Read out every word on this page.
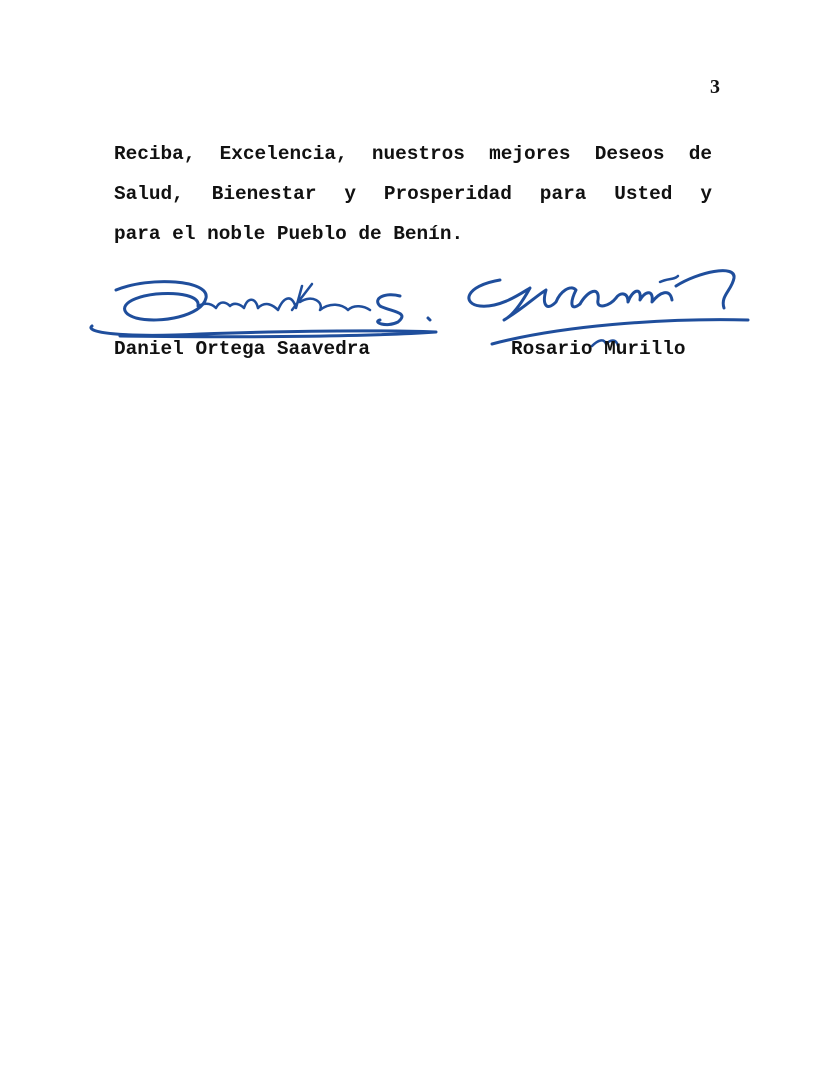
3
Reciba, Excelencia, nuestros mejores Deseos de
Salud, Bienestar y Prosperidad para Usted y
para el noble Pueblo de Benín.
Daniel Ortega Saavedra	Rosario Murillo
